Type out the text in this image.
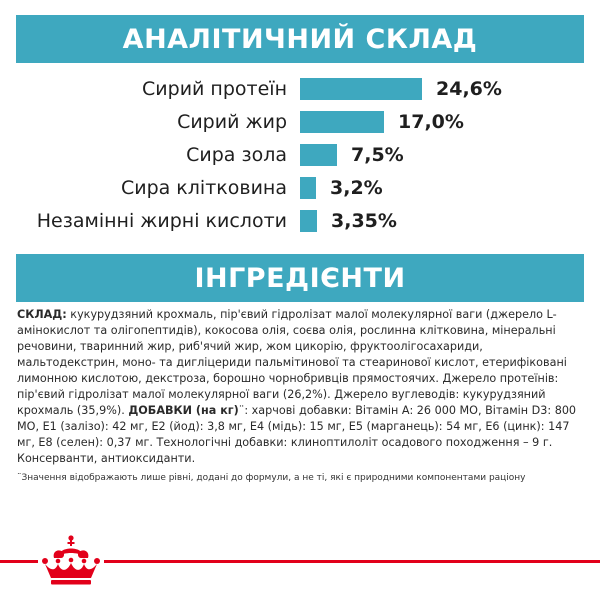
АНАЛІТИЧНИЙ СКЛАД
Сирий протеїн	24,6%
Сирий жир	17,0%
Сира зола	7,5%
Сира клітковина 3,2%
Незамінні жирні кислоти 3,35%
ІНГРЕДІЄНТИ

СКЛАД: кукурудзяний крохмаль, пір'євий гідролізат малої молекулярної ваги (джерело L-амінокислот та олігопептидів), кокосова олія, соєва олія, рослинна клітковина, мінеральні речовини, тваринний жир, риб'ячий жир, жом цикорію, фруктоолігосахариди, мальтодекстрин, моно- та дигліцериди пальмітинової та стеаринової кислот, етерифіковані лимонною кислотою, декстроза, борошно чорнобривців прямостоячих. Джерело протеїнів: пір'євий гідролізат малої молекулярної ваги (26,2%). Джерело вуглеводів: кукурудзяний крохмаль (35,9%). ДОБАВКИ (на кг)¨: харчові добавки: Вітамін А: 26 000 МО, Вітамін D3: 800 МО, Е1 (залізо): 42 мг, Е2 (йод): 3,8 мг, Е4 (мідь): 15 мг, Е5 (марганець): 54 мг, Е6 (цинк): 147 мг, Е8 (селен): 0,37 мг. Технологічні добавки: клиноптилоліт осадового походження – 9 г. Консерванти, антиоксиданти.

¨Значення відображають лише рівні, додані до формули, а не ті, які є природними компонентами раціону
